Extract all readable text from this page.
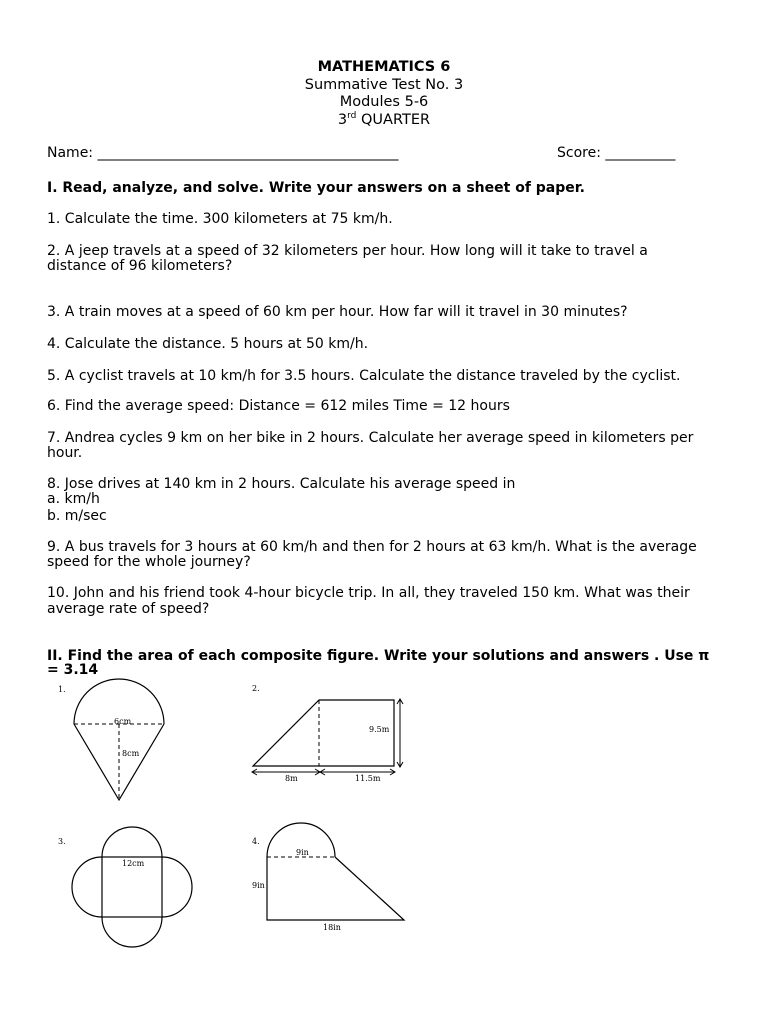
MATHEMATICS 6
Summative Test No. 3
Modules 5-6
3rd QUARTER
Name: ___________________________________________	Score: __________
I. Read, analyze, and solve. Write your answers on a sheet of paper.
1. Calculate the time. 300 kilometers at 75 km/h.
2. A jeep travels at a speed of 32 kilometers per hour. How long will it take to travel a
distance of 96 kilometers?
3. A train moves at a speed of 60 km per hour. How far will it travel in 30 minutes?
4. Calculate the distance. 5 hours at 50 km/h.
5. A cyclist travels at 10 km/h for 3.5 hours. Calculate the distance traveled by the cyclist.
6. Find the average speed: Distance = 612 miles Time = 12 hours
7. Andrea cycles 9 km on her bike in 2 hours. Calculate her average speed in kilometers per
hour.
8. Jose drives at 140 km in 2 hours. Calculate his average speed in
a. km/h
b. m/sec
9. A bus travels for 3 hours at 60 km/h and then for 2 hours at 63 km/h. What is the average
speed for the whole journey?
10. John and his friend took 4-hour bicycle trip. In all, they traveled 150 km. What was their
average rate of speed?
II. Find the area of each composite figure. Write your solutions and answers . Use π
= 3.14
1.
6cm
8cm
2.
9.5m
8m	11.5m
3.
12cm
4.
9in
9in
18in
